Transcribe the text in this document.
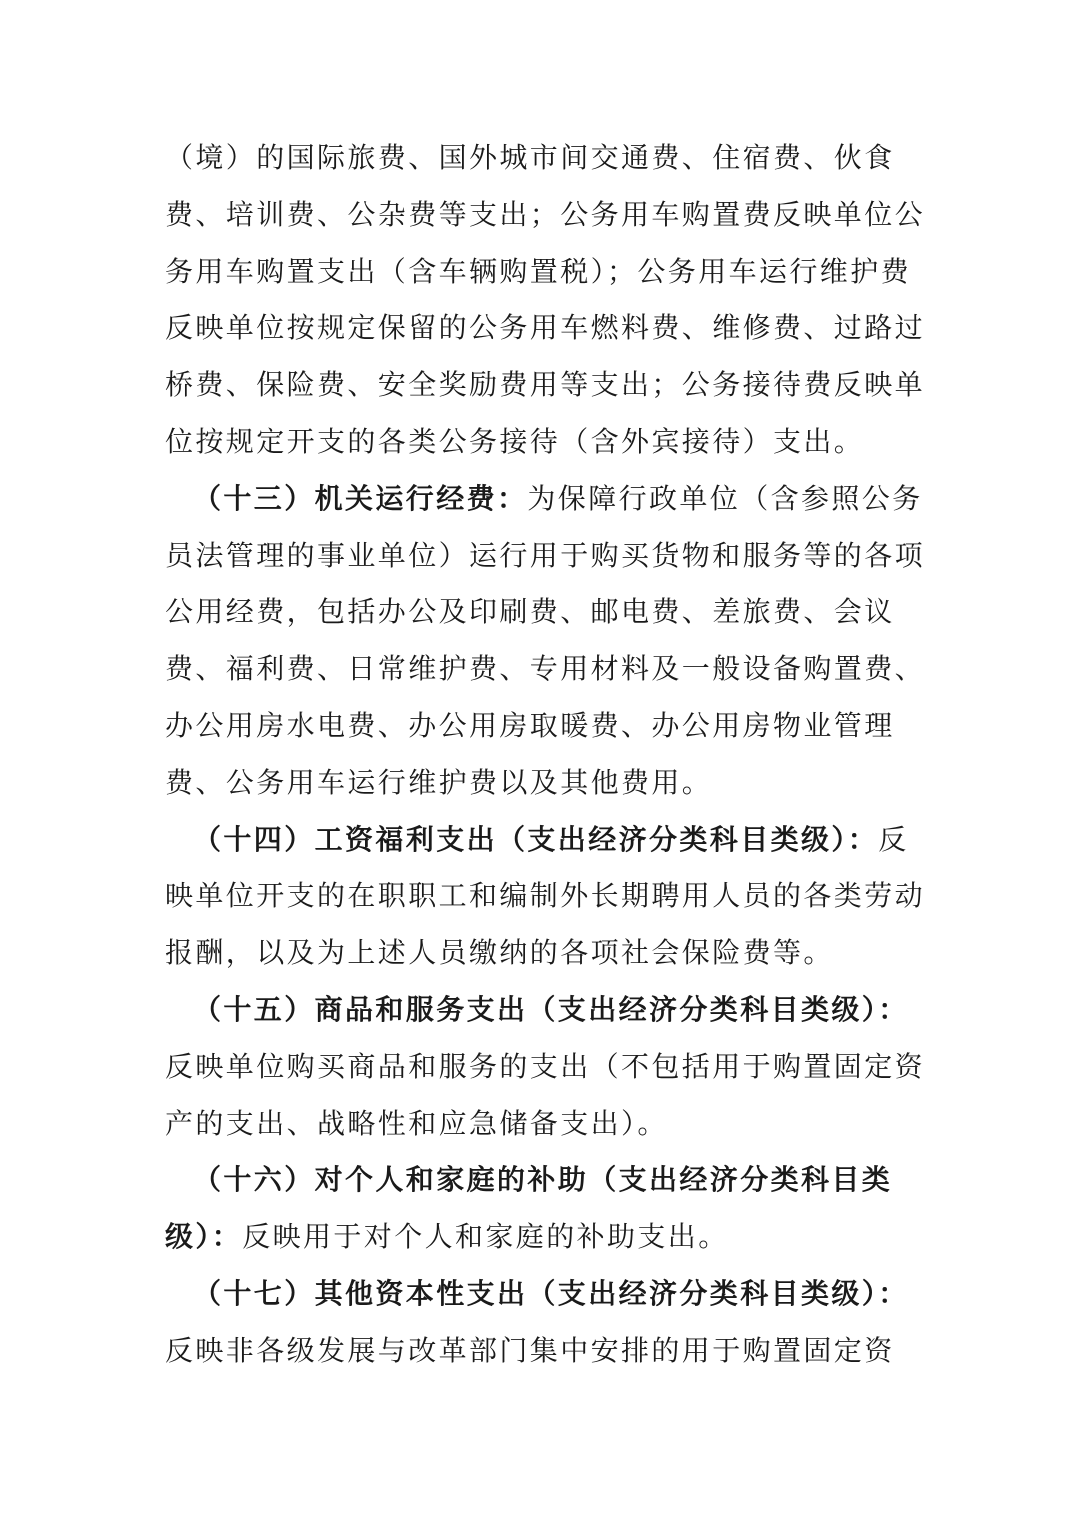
（境）的国际旅费、国外城市间交通费、住宿费、伙食
费、培训费、公杂费等支出；公务用车购置费反映单位公
务用车购置支出（含车辆购置税）；公务用车运行维护费
反映单位按规定保留的公务用车燃料费、维修费、过路过
桥费、保险费、安全奖励费用等支出；公务接待费反映单
位按规定开支的各类公务接待（含外宾接待）支出。
（十三）机关运行经费：为保障行政单位（含参照公务
员法管理的事业单位）运行用于购买货物和服务等的各项
公用经费，包括办公及印刷费、邮电费、差旅费、会议
费、福利费、日常维护费、专用材料及一般设备购置费、
办公用房水电费、办公用房取暖费、办公用房物业管理
费、公务用车运行维护费以及其他费用。
（十四）工资福利支出（支出经济分类科目类级）：反
映单位开支的在职职工和编制外长期聘用人员的各类劳动
报酬，以及为上述人员缴纳的各项社会保险费等。
（十五）商品和服务支出（支出经济分类科目类级）：
反映单位购买商品和服务的支出（不包括用于购置固定资
产的支出、战略性和应急储备支出）。
（十六）对个人和家庭的补助（支出经济分类科目类
级）：反映用于对个人和家庭的补助支出。
（十七）其他资本性支出（支出经济分类科目类级）：
反映非各级发展与改革部门集中安排的用于购置固定资
